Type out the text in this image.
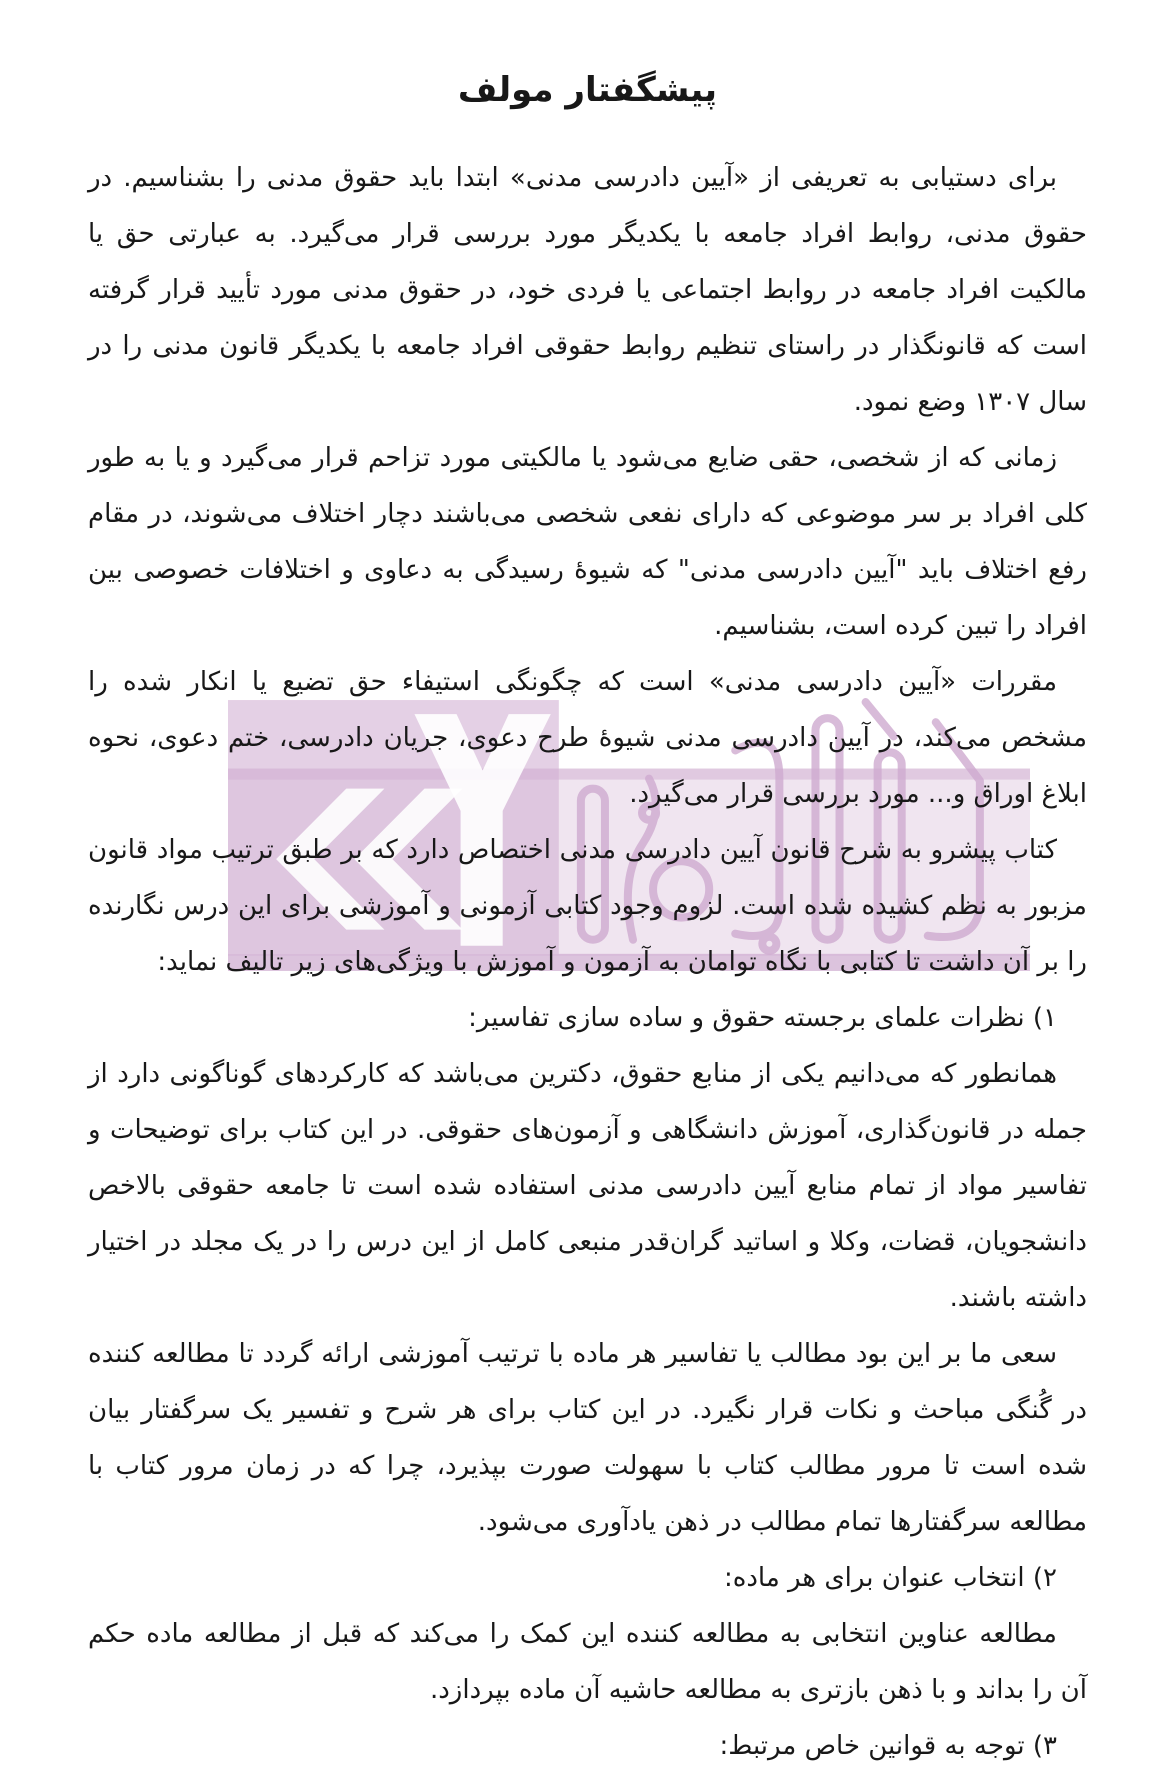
پیشگفتار مولف

برای دستیابی به تعریفی از «آیین دادرسی مدنی» ابتدا باید حقوق مدنی را بشناسیم. در حقوق مدنی، روابط افراد جامعه با یکدیگر مورد بررسی قرار می‌گیرد. به عبارتی حق یا مالکیت افراد جامعه در روابط اجتماعی یا فردی خود، در حقوق مدنی مورد تأیید قرار گرفته است که قانونگذار در راستای تنظیم روابط حقوقی افراد جامعه با یکدیگر قانون مدنی را در سال ۱۳۰۷ وضع نمود.

زمانی که از شخصی، حقی ضایع می‌شود یا مالکیتی مورد تزاحم قرار می‌گیرد و یا به طور کلی افراد بر سر موضوعی که دارای نفعی شخصی می‌باشند دچار اختلاف می‌شوند، در مقام رفع اختلاف باید "آیین دادرسی مدنی" که شیوهٔ رسیدگی به دعاوی و اختلافات خصوصی بین افراد را تبین کرده است، بشناسیم.

مقررات «آیین دادرسی مدنی» است که چگونگی استیفاء حق تضیع یا انکار شده را مشخص می‌کند، در آیین دادرسی مدنی شیوهٔ طرح دعوی، جریان دادرسی، ختم دعوی، نحوه ابلاغ اوراق و... مورد بررسی قرار می‌گیرد.

کتاب پیشرو به شرح قانون آیین دادرسی مدنی اختصاص دارد که بر طبق ترتیب مواد قانون مزبور به نظم کشیده شده است. لزوم وجود کتابی آزمونی و آموزشی برای این درس نگارنده را بر آن داشت تا کتابی با نگاه توامان به آزمون و آموزش با ویژگی‌های زیر تالیف نماید:

۱) نظرات علمای برجسته حقوق و ساده سازی تفاسیر:

همانطور که می‌دانیم یکی از منابع حقوق، دکترین می‌باشد که کارکردهای گوناگونی دارد از جمله در قانون‌گذاری، آموزش دانشگاهی و آزمون‌های حقوقی. در این کتاب برای توضیحات و تفاسیر مواد از تمام منابع آیین دادرسی مدنی استفاده شده است تا جامعه حقوقی بالاخص دانشجویان، قضات، وکلا و اساتید گران‌قدر منبعی کامل از این درس را در یک مجلد در اختیار داشته باشند.

سعی ما بر این بود مطالب یا تفاسیر هر ماده با ترتیب آموزشی ارائه گردد تا مطالعه کننده در گُنگی مباحث و نکات قرار نگیرد. در این کتاب برای هر شرح و تفسیر یک سرگفتار بیان شده است تا مرور مطالب کتاب با سهولت صورت بپذیرد، چرا که در زمان مرور کتاب با مطالعه سرگفتارها تمام مطالب در ذهن یادآوری می‌شود.

۲) انتخاب عنوان برای هر ماده:

مطالعه عناوین انتخابی به مطالعه کننده این کمک را می‌کند که قبل از مطالعه ماده حکم آن را بداند و با ذهن بازتری به مطالعه حاشیه آن ماده بپردازد.

۳) توجه به قوانین خاص مرتبط:
